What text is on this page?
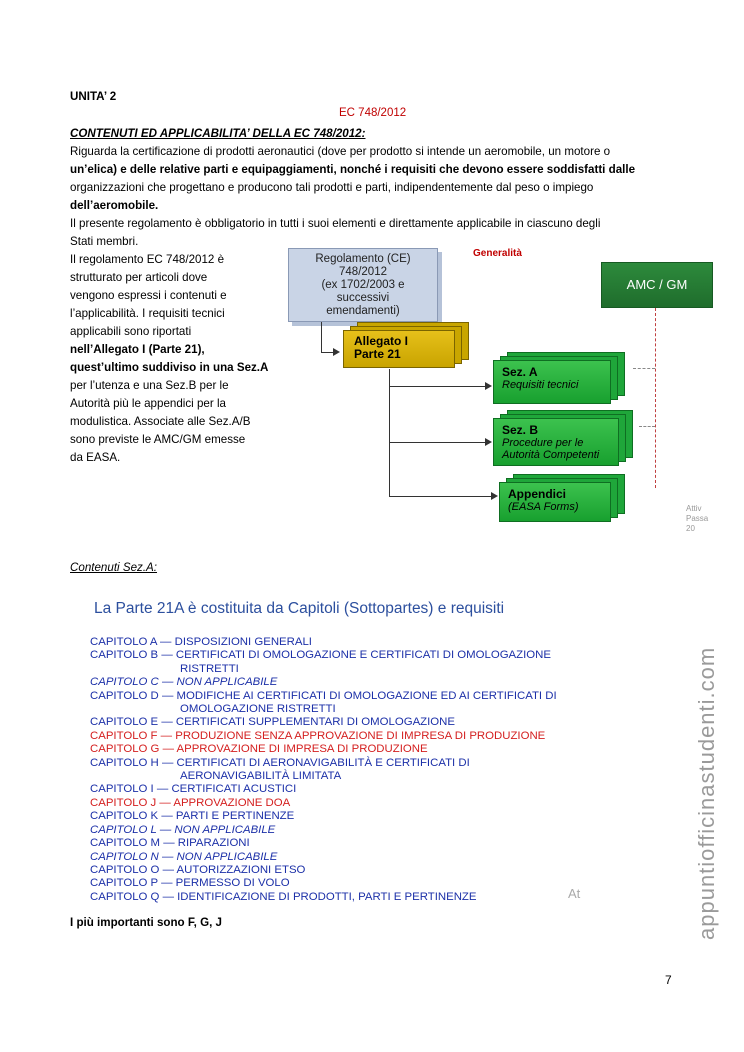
UNITA’ 2
EC 748/2012
CONTENUTI ED APPLICABILITA’ DELLA EC 748/2012:

Riguarda la certificazione di prodotti aeronautici (dove per prodotto si intende un aeromobile, un motore o

un’elica) e delle relative parti e equipaggiamenti, nonché i requisiti che devono essere soddisfatti dalle

organizzazioni che progettano e producono tali prodotti e parti, indipendentemente dal peso o impiego

dell’aeromobile.

Il presente regolamento è obbligatorio in tutti i suoi elementi e direttamente applicabile in ciascuno degli

Stati membri.

Il regolamento EC 748/2012 è

strutturato per articoli dove

vengono espressi i contenuti e

l’applicabilità. I requisiti tecnici

applicabili sono riportati

nell’Allegato I (Parte 21),

quest’ultimo suddiviso in una Sez.A

per l’utenza e una Sez.B per le

Autorità più le appendici per la

modulistica. Associate alle Sez.A/B

sono previste le AMC/GM emesse

da EASA.

Regolamento (CE)
748/2012
(ex 1702/2003 e
successivi
emendamenti)
Generalità
AMC / GM
Allegato I
Parte 21
Sez. A
Requisiti tecnici
Sez. B
Procedure per le
Autorità Competenti
Appendici
(EASA Forms)	Attiv
Passa
20
Contenuti Sez.A:
La Parte 21A è costituita da Capitoli (Sottopartes) e requisiti
CAPITOLO A — DISPOSIZIONI GENERALI
CAPITOLO B — CERTIFICATI DI OMOLOGAZIONE E CERTIFICATI DI OMOLOGAZIONE
RISTRETTI
CAPITOLO C — NON APPLICABILE
CAPITOLO D — MODIFICHE AI CERTIFICATI DI OMOLOGAZIONE ED AI CERTIFICATI DI
OMOLOGAZIONE RISTRETTI
CAPITOLO E — CERTIFICATI SUPPLEMENTARI DI OMOLOGAZIONE
CAPITOLO F — PRODUZIONE SENZA APPROVAZIONE DI IMPRESA DI PRODUZIONE
CAPITOLO G — APPROVAZIONE DI IMPRESA DI PRODUZIONE
CAPITOLO H — CERTIFICATI DI AERONAVIGABILITÀ E CERTIFICATI DI
AERONAVIGABILITÀ LIMITATA
CAPITOLO I — CERTIFICATI ACUSTICI
CAPITOLO J — APPROVAZIONE DOA
CAPITOLO K — PARTI E PERTINENZE
CAPITOLO L — NON APPLICABILE
CAPITOLO M — RIPARAZIONI
CAPITOLO N — NON APPLICABILE
CAPITOLO O — AUTORIZZAZIONI ETSO
CAPITOLO P — PERMESSO DI VOLO
CAPITOLO Q — IDENTIFICAZIONE DI PRODOTTI, PARTI E PERTINENZE	At
I più importanti sono F, G, J
7
appuntiofficinastudenti.com
